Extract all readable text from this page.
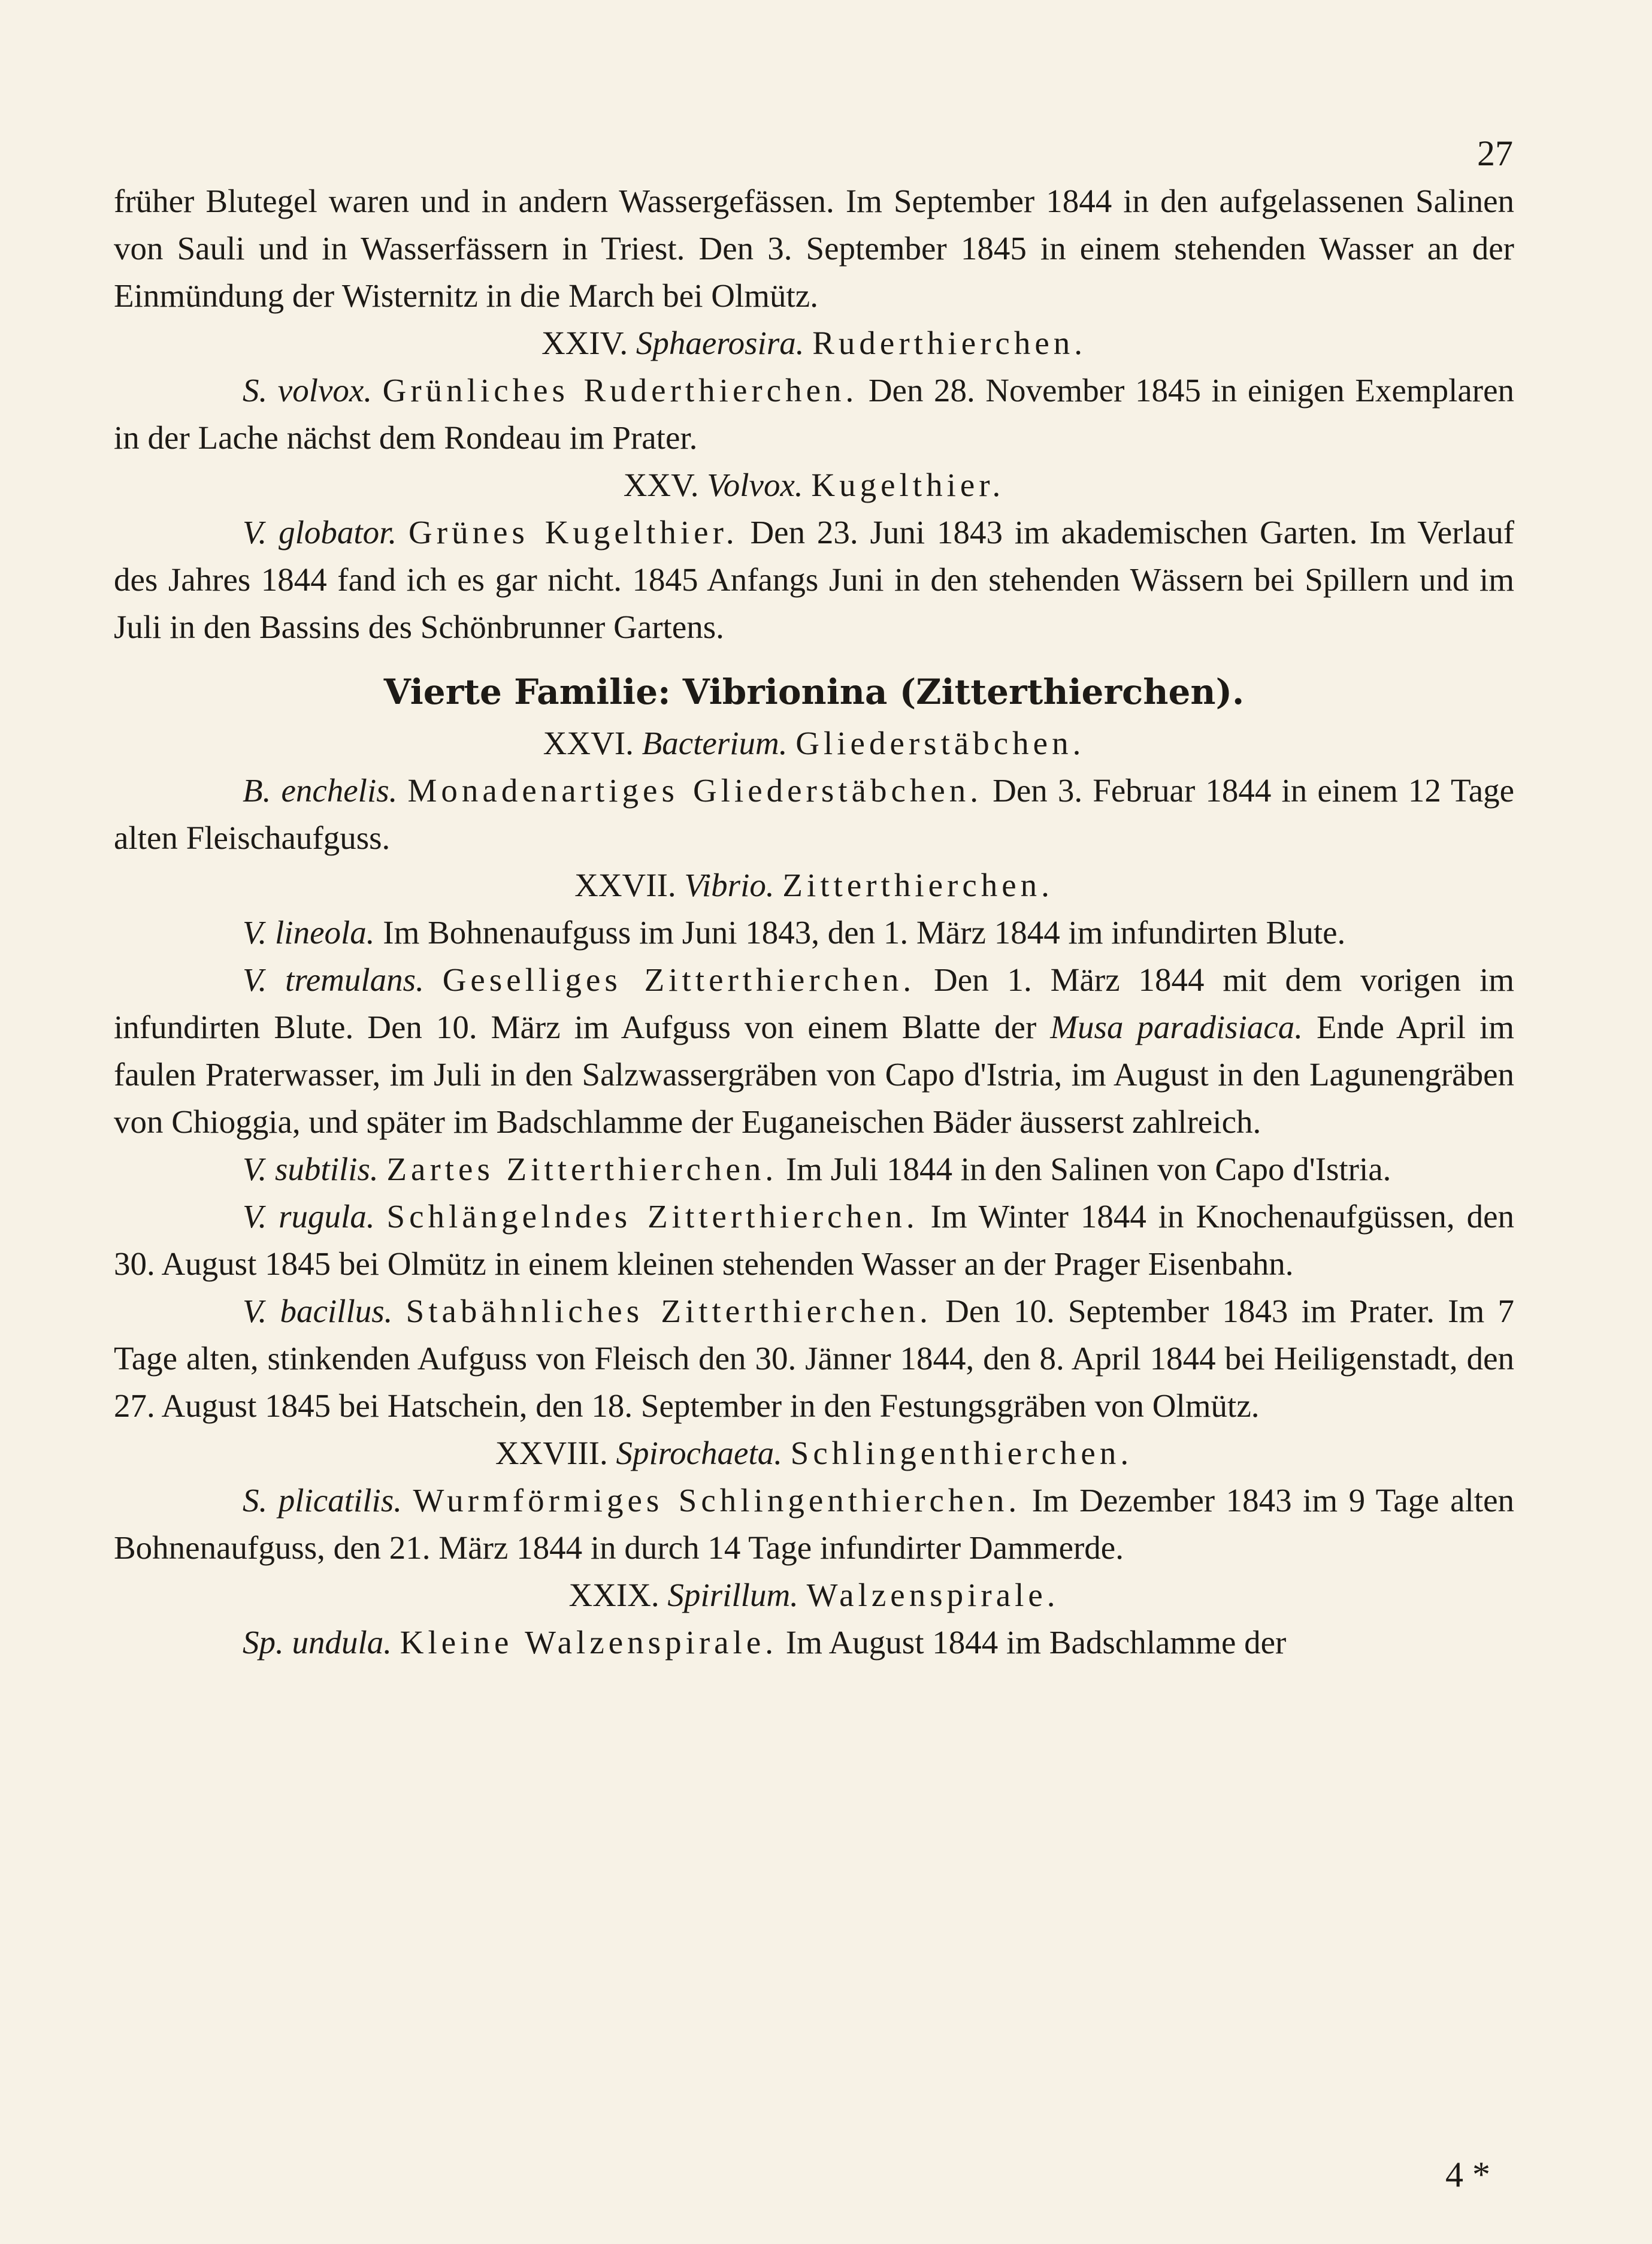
27

früher Blutegel waren und in andern Wassergefässen. Im September 1844 in den aufgelassenen Salinen von Sauli und in Wasserfässern in Triest. Den 3. September 1845 in einem stehenden Wasser an der Einmündung der Wisternitz in die March bei Olmütz.

XXIV. Sphaerosira. Ruderthierchen.

S. volvox. Grünliches Ruderthierchen. Den 28. November 1845 in einigen Exemplaren in der Lache nächst dem Rondeau im Prater.

XXV. Volvox. Kugelthier.

V. globator. Grünes Kugelthier. Den 23. Juni 1843 im akademischen Garten. Im Verlauf des Jahres 1844 fand ich es gar nicht. 1845 Anfangs Juni in den stehenden Wässern bei Spillern und im Juli in den Bassins des Schönbrunner Gartens.

Vierte Familie: Vibrionina (Zitterthierchen).

XXVI. Bacterium. Gliederstäbchen.

B. enchelis. Monadenartiges Gliederstäbchen. Den 3. Februar 1844 in einem 12 Tage alten Fleischaufguss.

XXVII. Vibrio. Zitterthierchen.

V. lineola. Im Bohnenaufguss im Juni 1843, den 1. März 1844 im infundirten Blute.

V. tremulans. Geselliges Zitterthierchen. Den 1. März 1844 mit dem vorigen im infundirten Blute. Den 10. März im Aufguss von einem Blatte der Musa paradisiaca. Ende April im faulen Praterwasser, im Juli in den Salzwassergräben von Capo d'Istria, im August in den Lagunengräben von Chioggia, und später im Badschlamme der Euganeischen Bäder äusserst zahlreich.

V. subtilis. Zartes Zitterthierchen. Im Juli 1844 in den Salinen von Capo d'Istria.

V. rugula. Schlängelndes Zitterthierchen. Im Winter 1844 in Knochenaufgüssen, den 30. August 1845 bei Olmütz in einem kleinen stehenden Wasser an der Prager Eisenbahn.

V. bacillus. Stabähnliches Zitterthierchen. Den 10. September 1843 im Prater. Im 7 Tage alten, stinkenden Aufguss von Fleisch den 30. Jänner 1844, den 8. April 1844 bei Heiligenstadt, den 27. August 1845 bei Hatschein, den 18. September in den Festungsgräben von Olmütz.

XXVIII. Spirochaeta. Schlingenthierchen.

S. plicatilis. Wurmförmiges Schlingenthierchen. Im Dezember 1843 im 9 Tage alten Bohnenaufguss, den 21. März 1844 in durch 14 Tage infundirter Dammerde.

XXIX. Spirillum. Walzenspirale.

Sp. undula. Kleine Walzenspirale. Im August 1844 im Badschlamme der

4 *
